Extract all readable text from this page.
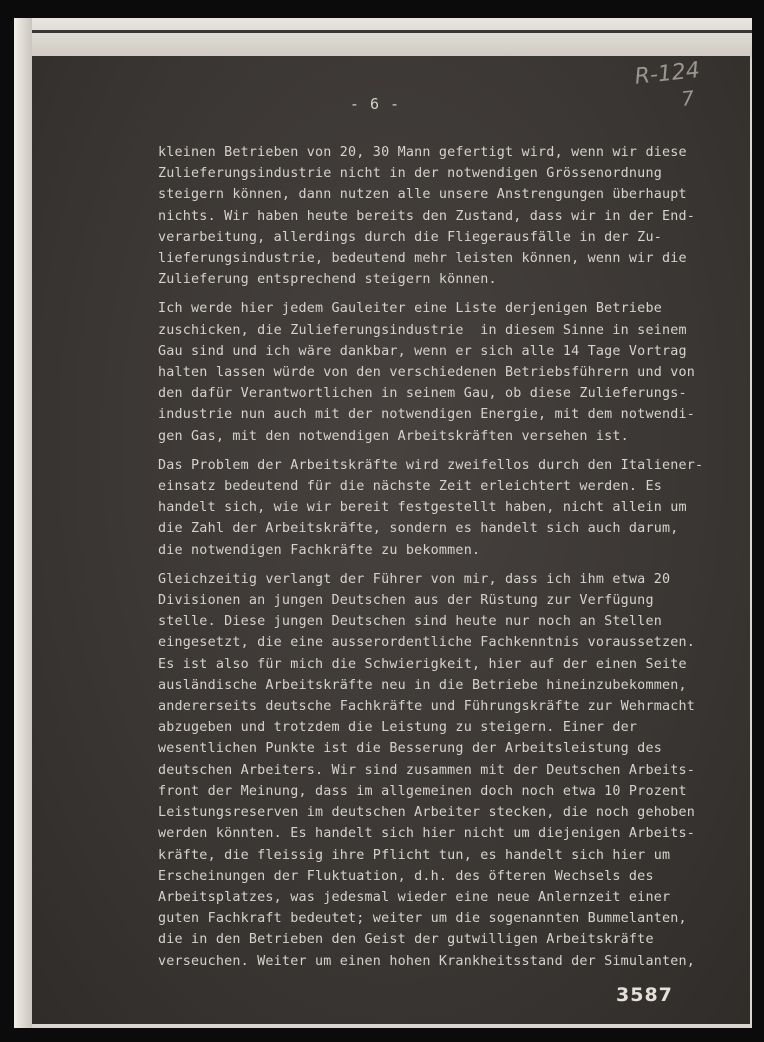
R-124
7
- 6 -
kleinen Betrieben von 20, 30 Mann gefertigt wird, wenn wir diese
Zulieferungsindustrie nicht in der notwendigen Grössenordnung
steigern können, dann nutzen alle unsere Anstrengungen überhaupt
nichts. Wir haben heute bereits den Zustand, dass wir in der End-
verarbeitung, allerdings durch die Fliegerausfälle in der Zu-
lieferungsindustrie, bedeutend mehr leisten können, wenn wir die
Zulieferung entsprechend steigern können.
Ich werde hier jedem Gauleiter eine Liste derjenigen Betriebe
zuschicken, die Zulieferungsindustrie  in diesem Sinne in seinem
Gau sind und ich wäre dankbar, wenn er sich alle 14 Tage Vortrag
halten lassen würde von den verschiedenen Betriebsführern und von
den dafür Verantwortlichen in seinem Gau, ob diese Zulieferungs-
industrie nun auch mit der notwendigen Energie, mit dem notwendi-
gen Gas, mit den notwendigen Arbeitskräften versehen ist.
Das Problem der Arbeitskräfte wird zweifellos durch den Italiener-
einsatz bedeutend für die nächste Zeit erleichtert werden. Es
handelt sich, wie wir bereit festgestellt haben, nicht allein um
die Zahl der Arbeitskräfte, sondern es handelt sich auch darum,
die notwendigen Fachkräfte zu bekommen.
Gleichzeitig verlangt der Führer von mir, dass ich ihm etwa 20
Divisionen an jungen Deutschen aus der Rüstung zur Verfügung
stelle. Diese jungen Deutschen sind heute nur noch an Stellen
eingesetzt, die eine ausserordentliche Fachkenntnis voraussetzen.
Es ist also für mich die Schwierigkeit, hier auf der einen Seite
ausländische Arbeitskräfte neu in die Betriebe hineinzubekommen,
andererseits deutsche Fachkräfte und Führungskräfte zur Wehrmacht
abzugeben und trotzdem die Leistung zu steigern. Einer der
wesentlichen Punkte ist die Besserung der Arbeitsleistung des
deutschen Arbeiters. Wir sind zusammen mit der Deutschen Arbeits-
front der Meinung, dass im allgemeinen doch noch etwa 10 Prozent
Leistungsreserven im deutschen Arbeiter stecken, die noch gehoben
werden könnten. Es handelt sich hier nicht um diejenigen Arbeits-
kräfte, die fleissig ihre Pflicht tun, es handelt sich hier um
Erscheinungen der Fluktuation, d.h. des öfteren Wechsels des
Arbeitsplatzes, was jedesmal wieder eine neue Anlernzeit einer
guten Fachkraft bedeutet; weiter um die sogenannten Bummelanten,
die in den Betrieben den Geist der gutwilligen Arbeitskräfte
verseuchen. Weiter um einen hohen Krankheitsstand der Simulanten,
3587
